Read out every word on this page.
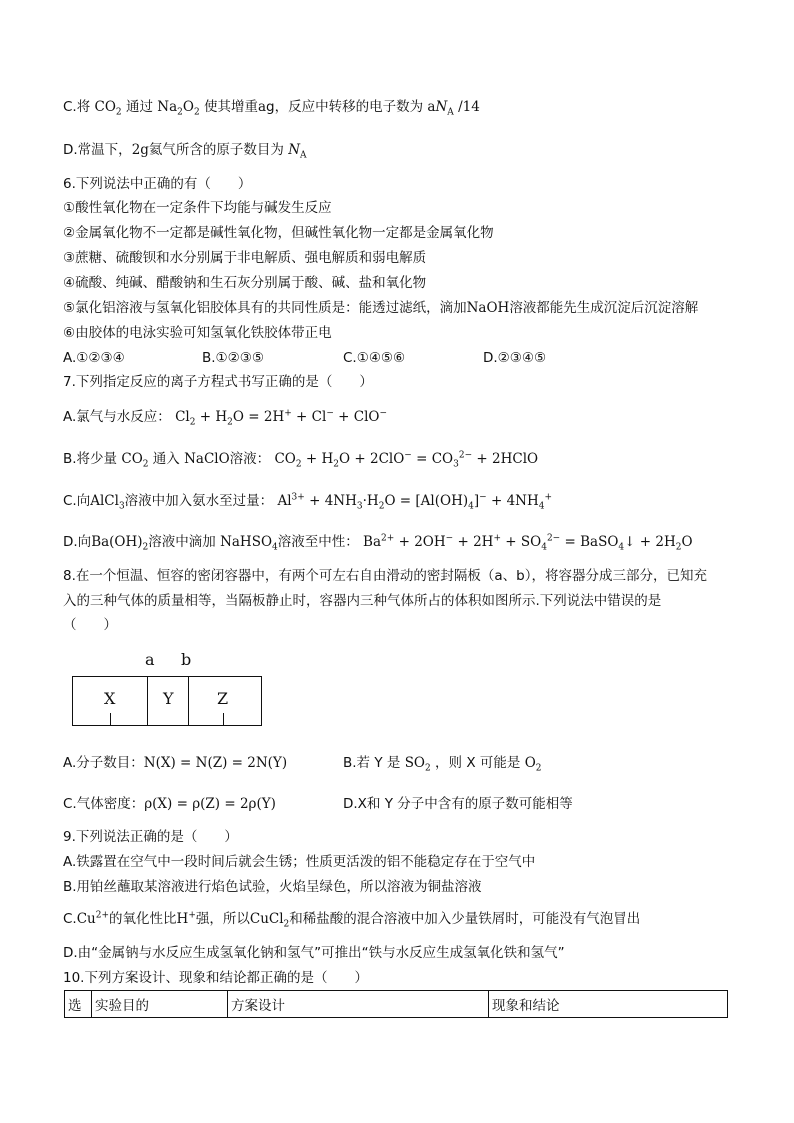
C.将 $CO_2$ 通过 $Na_2O_2$ 使其增重ag，反应中转移的电子数为 $aN_A$ /14
D.常温下，2g氦气所含的原子数目为 $N_A$
6.下列说法中正确的有（　　）
①酸性氧化物在一定条件下均能与碱发生反应
②金属氧化物不一定都是碱性氧化物，但碱性氧化物一定都是金属氧化物
③蔗糖、硫酸钡和水分别属于非电解质、强电解质和弱电解质
④硫酸、纯碱、醋酸钠和生石灰分别属于酸、碱、盐和氧化物
⑤氯化铝溶液与氢氧化铝胶体具有的共同性质是：能透过滤纸，滴加NaOH溶液都能先生成沉淀后沉淀溶解
⑥由胶体的电泳实验可知氢氧化铁胶体带正电
A.①②③④	B.①②③⑤	C.①④⑤⑥	D.②③④⑤
7.下列指定反应的离子方程式书写正确的是（　　）
A.氯气与水反应： $Cl_2 + H_2O = 2H^+ + Cl^- + ClO^-$
B.将少量 $CO_2$ 通入 NaClO溶液： $CO_2 + H_2O + 2ClO^- = CO_3^{2-}$ + 2HClO
C.向AlCl$_3$溶液中加入氨水至过量： $Al^{3+} + 4NH_3\cdot H_2O = [Al(OH)_4]^- + 4NH_4^+$
D.向$Ba(OH)_2$溶液中滴加 NaHSO$_4$溶液至中性： $Ba^{2+} + 2OH^- + 2H^+ + SO_4^{2-}$ = BaSO$_4$↓ + $2H_2O$
8.在一个恒温、恒容的密闭容器中，有两个可左右自由滑动的密封隔板（a、b），将容器分成三部分，已知充
入的三种气体的质量相等，当隔板静止时，容器内三种气体所占的体积如图所示.下列说法中错误的是
（　　）
a b
X	Y	Z
A.分子数目：N(X) = N(Z) = 2N(Y)	B.若 Y 是 $SO_2$ ，则 X 可能是 $O_2$
C.气体密度：ρ(X) = ρ(Z) = 2ρ(Y)	D.X和 Y 分子中含有的原子数可能相等
9.下列说法正确的是（　　）
A.铁露置在空气中一段时间后就会生锈；性质更活泼的铝不能稳定存在于空气中
B.用铂丝蘸取某溶液进行焰色试验，火焰呈绿色，所以溶液为铜盐溶液
$C.Cu^{2+}$的氧化性比H+强，所以CuCl$_2$和稀盐酸的混合溶液中加入少量铁屑时，可能没有气泡冒出
D.由“金属钠与水反应生成氢氧化钠和氢气”可推出“铁与水反应生成氢氧化铁和氢气”
10.下列方案设计、现象和结论都正确的是（　　）
选	实验目的	方案设计	现象和结论
